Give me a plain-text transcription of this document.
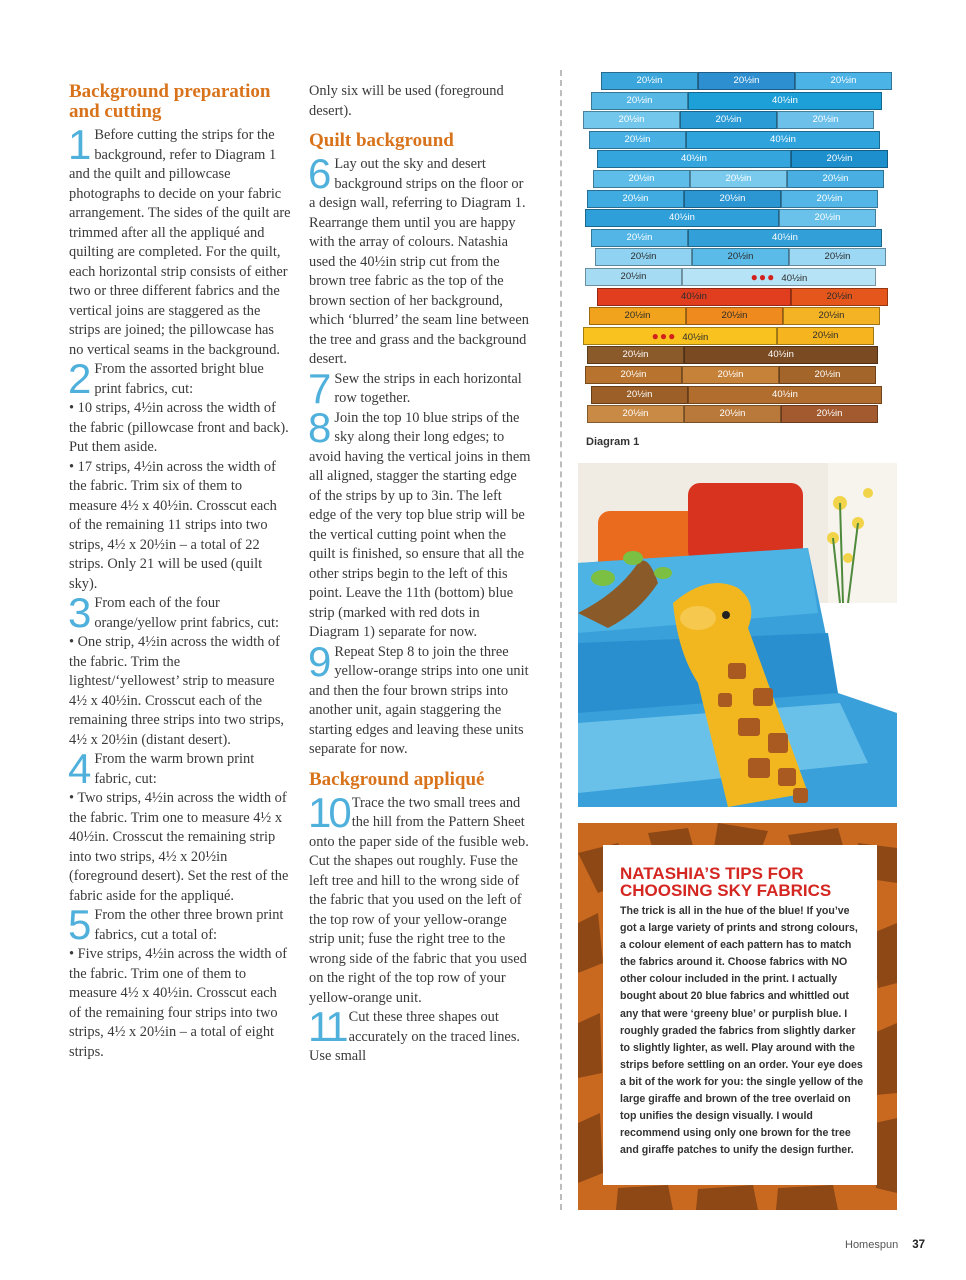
Background preparation and cutting

1 Before cutting the strips for the background, refer to Diagram 1 and the quilt and pillowcase photographs to decide on your fabric arrangement. The sides of the quilt are trimmed after all the appliqué and quilting are completed. For the quilt, each horizontal strip consists of either two or three different fabrics and the vertical joins are staggered as the strips are joined; the pillowcase has no vertical seams in the background.

2 From the assorted bright blue print fabrics, cut:

• 10 strips, 4½in across the width of the fabric (pillowcase front and back). Put them aside.

• 17 strips, 4½in across the width of the fabric. Trim six of them to measure 4½ x 40½in. Crosscut each of the remaining 11 strips into two strips, 4½ x 20½in – a total of 22 strips. Only 21 will be used (quilt sky).

3 From each of the four orange/yellow print fabrics, cut:

• One strip, 4½in across the width of the fabric. Trim the lightest/‘yellowest’ strip to measure 4½ x 40½in. Crosscut each of the remaining three strips into two strips, 4½ x 20½in (distant desert).

4 From the warm brown print fabric, cut:

• Two strips, 4½in across the width of the fabric. Trim one to measure 4½ x 40½in. Crosscut the remaining strip into two strips, 4½ x 20½in (foreground desert). Set the rest of the fabric aside for the appliqué.

5 From the other three brown print fabrics, cut a total of:

• Five strips, 4½in across the width of the fabric. Trim one of them to measure 4½ x 40½in. Crosscut each of the remaining four strips into two strips, 4½ x 20½in – a total of eight strips.

Only six will be used (foreground desert).

Quilt background

6 Lay out the sky and desert background strips on the floor or a design wall, referring to Diagram 1. Rearrange them until you are happy with the array of colours. Natashia used the 40½in strip cut from the brown tree fabric as the top of the brown section of her background, which ‘blurred’ the seam line between the tree and grass and the background desert.

7 Sew the strips in each horizontal row together.

8 Join the top 10 blue strips of the sky along their long edges; to avoid having the vertical joins in them all aligned, stagger the starting edge of the strips by up to 3in. The left edge of the very top blue strip will be the vertical cutting point when the quilt is finished, so ensure that all the other strips begin to the left of this point. Leave the 11th (bottom) blue strip (marked with red dots in Diagram 1) separate for now.

9 Repeat Step 8 to join the three yellow-orange strips into one unit and then the four brown strips into another unit, again staggering the starting edges and leaving these units separate for now.

Background appliqué

10 Trace the two small trees and the hill from the Pattern Sheet onto the paper side of the fusible web. Cut the shapes out roughly. Fuse the left tree and hill to the wrong side of the fabric that you used on the left of the top row of your yellow-orange strip unit; fuse the right tree to the wrong side of the fabric that you used on the right of the top row of your yellow-orange unit.

11 Cut these three shapes out accurately on the traced lines. Use small

20½in	20½in	20½in
20½in	40½in
20½in	20½in	20½in
20½in	40½in
40½in	20½in
20½in	20½in	20½in
20½in	20½in	20½in
40½in	20½in
20½in	40½in
20½in	20½in	20½in
20½in	●●● 40½in
40½in	20½in
20½in	20½in	20½in
●●● 40½in	20½in
20½in	40½in
20½in	20½in	20½in
20½in	40½in
20½in	20½in	20½in
Diagram 1
NATASHIA’S TIPS FOR CHOOSING SKY FABRICS

The trick is all in the hue of the blue! If you’ve got a large variety of prints and strong colours, a colour element of each pattern has to match the fabrics around it. Choose fabrics with NO other colour included in the print. I actually bought about 20 blue fabrics and whittled out any that were ‘greeny blue’ or purplish blue. I roughly graded the fabrics from slightly darker to slightly lighter, as well. Play around with the strips before settling on an order. Your eye does a bit of the work for you: the single yellow of the large giraffe and brown of the tree overlaid on top unifies the design visually. I would recommend using only one brown for the tree and giraffe patches to unify the design further.

Homespun 37
